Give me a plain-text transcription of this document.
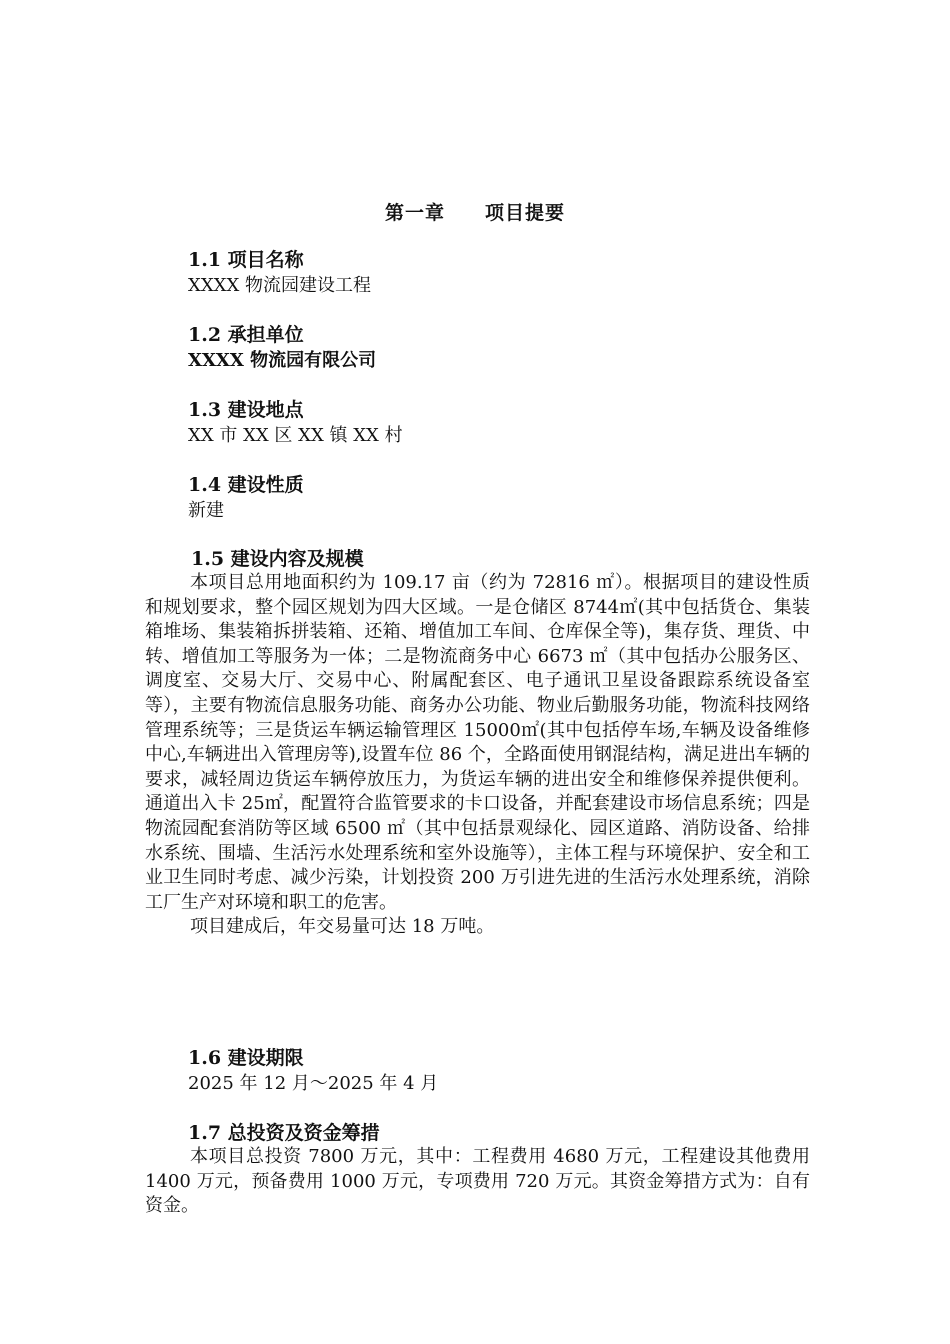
第一章 项目提要
1.1 项目名称
XXXX 物流园建设工程
1.2 承担单位
XXXX 物流园有限公司
1.3 建设地点
XX 市 XX 区 XX 镇 XX 村
1.4 建设性质
新建
1.5 建设内容及规模

本项目总用地面积约为 109.17 亩（约为 72816 ㎡）。根据项目的建设性质和规划要求，整个园区规划为四大区域。一是仓储区 8744㎡(其中包括货仓、集装箱堆场、集装箱拆拼装箱、还箱、增值加工车间、仓库保全等)，集存货、理货、中转、增值加工等服务为一体；二是物流商务中心 6673 ㎡（其中包括办公服务区、调度室、交易大厅、交易中心、附属配套区、电子通讯卫星设备跟踪系统设备室等），主要有物流信息服务功能、商务办公功能、物业后勤服务功能，物流科技网络管理系统等；三是货运车辆运输管理区 15000㎡(其中包括停车场,车辆及设备维修中心,车辆进出入管理房等),设置车位 86 个，全路面使用钢混结构，满足进出车辆的要求，减轻周边货运车辆停放压力，为货运车辆的进出安全和维修保养提供便利。通道出入卡 25㎡，配置符合监管要求的卡口设备，并配套建设市场信息系统；四是物流园配套消防等区域 6500 ㎡（其中包括景观绿化、园区道路、消防设备、给排水系统、围墙、生活污水处理系统和室外设施等），主体工程与环境保护、安全和工业卫生同时考虑、减少污染，计划投资 200 万引进先进的生活污水处理系统，消除工厂生产对环境和职工的危害。

项目建成后，年交易量可达 18 万吨。

1.6 建设期限
2025 年 12 月～2025 年 4 月
1.7 总投资及资金筹措

本项目总投资 7800 万元，其中：工程费用 4680 万元，工程建设其他费用 1400 万元，预备费用 1000 万元，专项费用 720 万元。其资金筹措方式为：自有资金。
